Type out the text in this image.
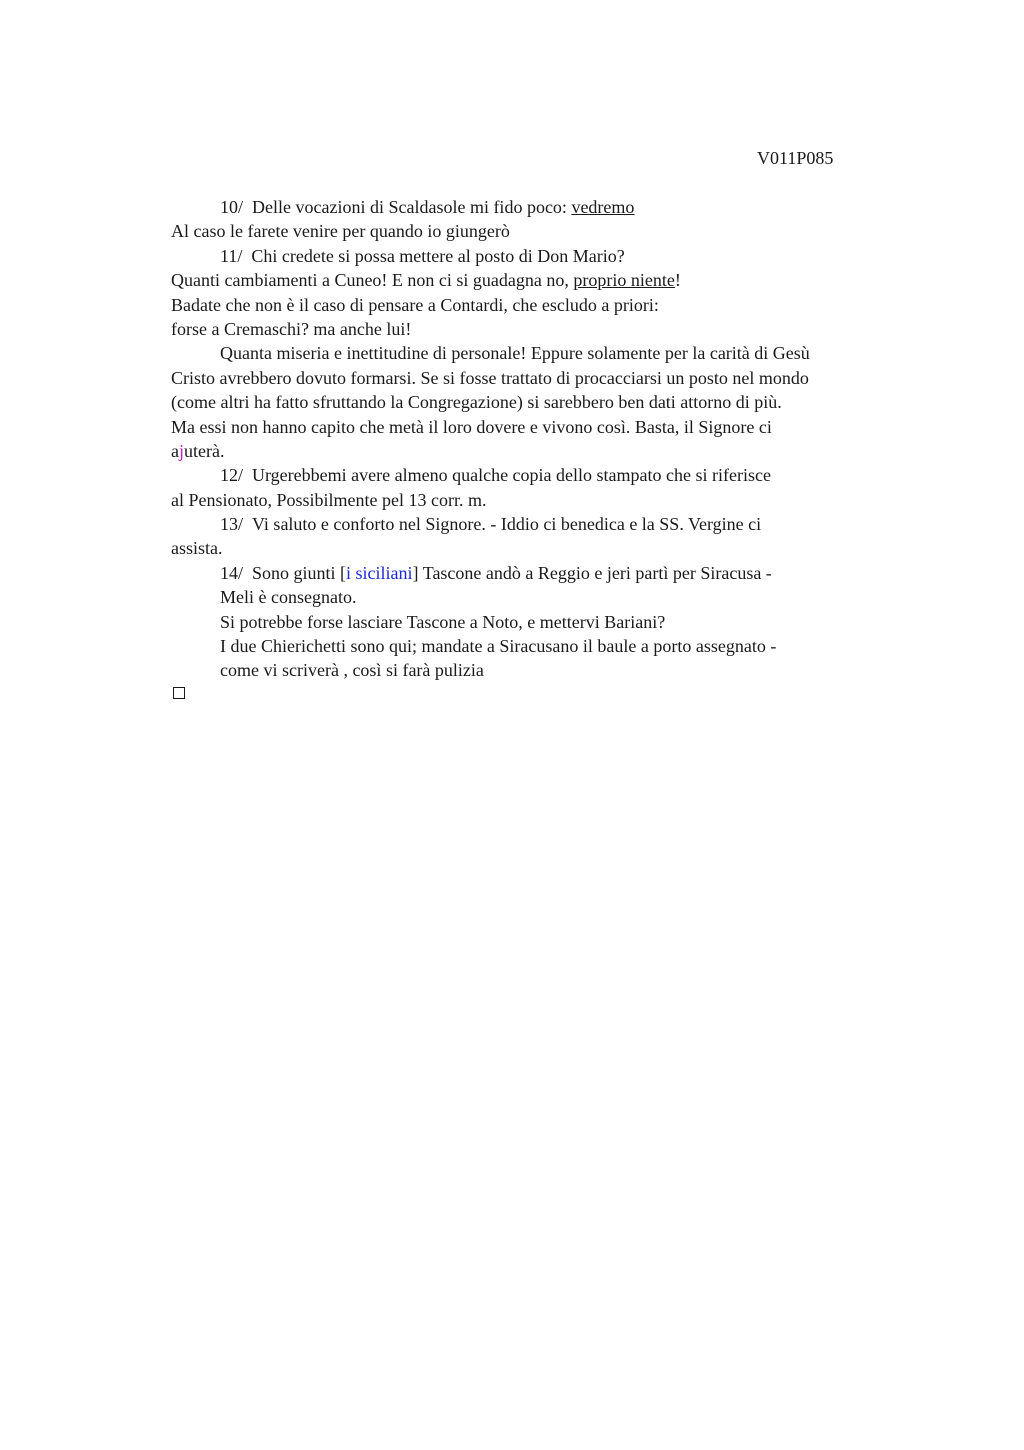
V011P085
10/ Delle vocazioni di Scaldasole mi fido poco: vedremo
Al caso le farete venire per quando io giungerò
11/ Chi credete si possa mettere al posto di Don Mario?
Quanti cambiamenti a Cuneo! E non ci si guadagna no, proprio niente!
Badate che non è il caso di pensare a Contardi, che escludo a priori:
forse a Cremaschi? ma anche lui!
Quanta miseria e inettitudine di personale! Eppure solamente per la carità di Gesù
Cristo avrebbero dovuto formarsi. Se si fosse trattato di procacciarsi un posto nel mondo
(come altri ha fatto sfruttando la Congregazione) si sarebbero ben dati attorno di più.
Ma essi non hanno capito che metà il loro dovere e vivono così. Basta, il Signore ci
ajuterà.
12/ Urgerebbemi avere almeno qualche copia dello stampato che si riferisce
al Pensionato, Possibilmente pel 13 corr. m.
13/ Vi saluto e conforto nel Signore. - Iddio ci benedica e la SS. Vergine ci
assista.
14/ Sono giunti [i siciliani] Tascone andò a Reggio e jeri partì per Siracusa -
Meli è consegnato.
Si potrebbe forse lasciare Tascone a Noto, e mettervi Bariani?
I due Chierichetti sono qui; mandate a Siracusano il baule a porto assegnato -
come vi scriverà , così si farà pulizia
